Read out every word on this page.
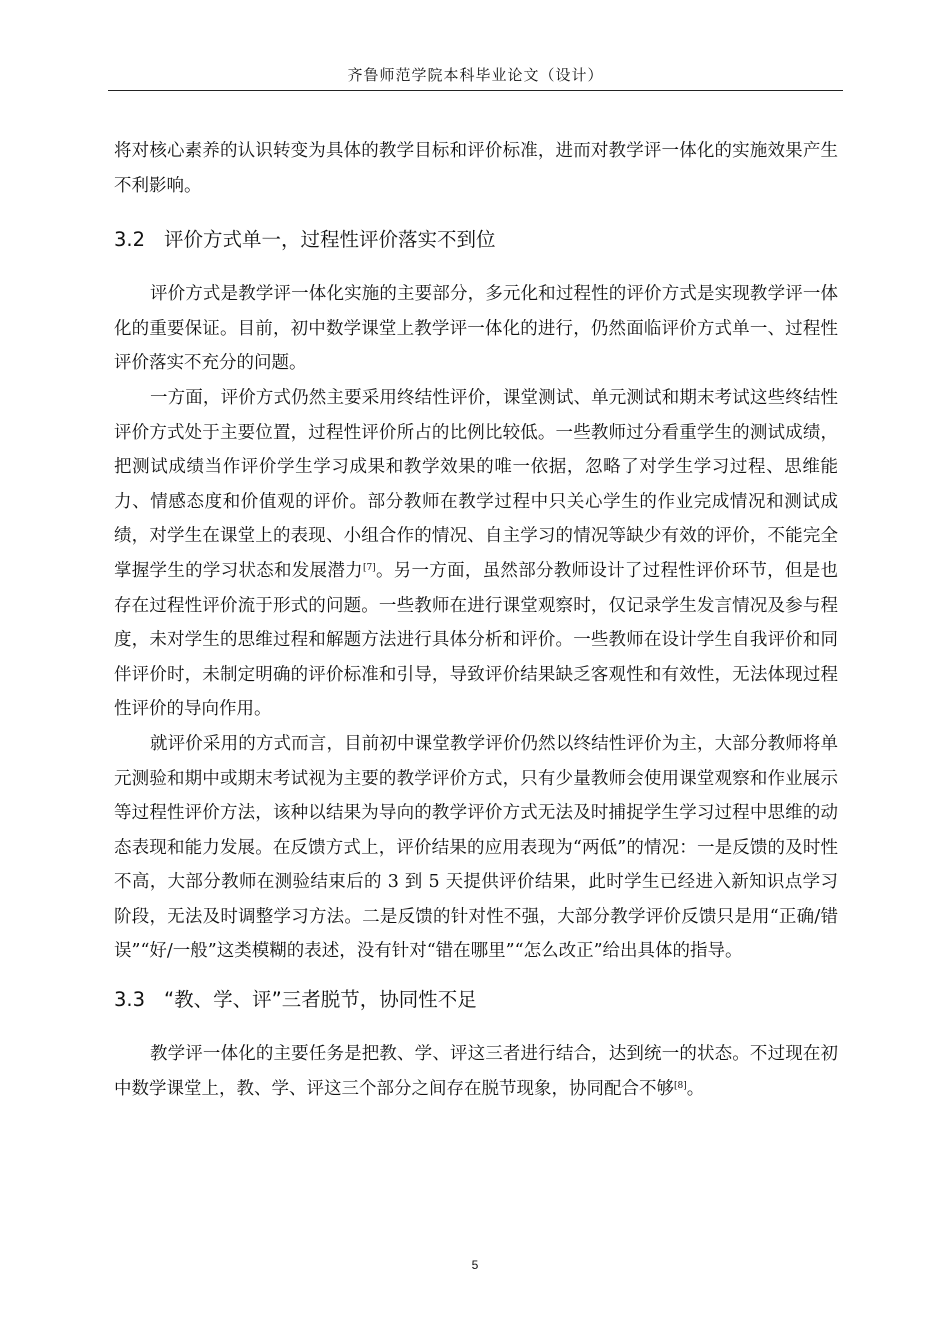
齐鲁师范学院本科毕业论文（设计）

将对核心素养的认识转变为具体的教学目标和评价标准，进而对教学评一体化的实施效果产生不利影响。

3.2 评价方式单一，过程性评价落实不到位

评价方式是教学评一体化实施的主要部分，多元化和过程性的评价方式是实现教学评一体化的重要保证。目前，初中数学课堂上教学评一体化的进行，仍然面临评价方式单一、过程性评价落实不充分的问题。

一方面，评价方式仍然主要采用终结性评价，课堂测试、单元测试和期末考试这些终结性评价方式处于主要位置，过程性评价所占的比例比较低。一些教师过分看重学生的测试成绩，把测试成绩当作评价学生学习成果和教学效果的唯一依据，忽略了对学生学习过程、思维能力、情感态度和价值观的评价。部分教师在教学过程中只关心学生的作业完成情况和测试成绩，对学生在课堂上的表现、小组合作的情况、自主学习的情况等缺少有效的评价，不能完全掌握学生的学习状态和发展潜力[7]。另一方面，虽然部分教师设计了过程性评价环节，但是也存在过程性评价流于形式的问题。一些教师在进行课堂观察时，仅记录学生发言情况及参与程度，未对学生的思维过程和解题方法进行具体分析和评价。一些教师在设计学生自我评价和同伴评价时，未制定明确的评价标准和引导，导致评价结果缺乏客观性和有效性，无法体现过程性评价的导向作用。

就评价采用的方式而言，目前初中课堂教学评价仍然以终结性评价为主，大部分教师将单元测验和期中或期末考试视为主要的教学评价方式，只有少量教师会使用课堂观察和作业展示等过程性评价方法，该种以结果为导向的教学评价方式无法及时捕捉学生学习过程中思维的动态表现和能力发展。在反馈方式上，评价结果的应用表现为“两低”的情况：一是反馈的及时性不高，大部分教师在测验结束后的 3 到 5 天提供评价结果，此时学生已经进入新知识点学习阶段，无法及时调整学习方法。二是反馈的针对性不强，大部分教学评价反馈只是用“正确/错误”“好/一般”这类模糊的表述，没有针对“错在哪里”“怎么改正”给出具体的指导。

3.3 “教、学、评”三者脱节，协同性不足

教学评一体化的主要任务是把教、学、评这三者进行结合，达到统一的状态。不过现在初中数学课堂上，教、学、评这三个部分之间存在脱节现象，协同配合不够[8]。

5
